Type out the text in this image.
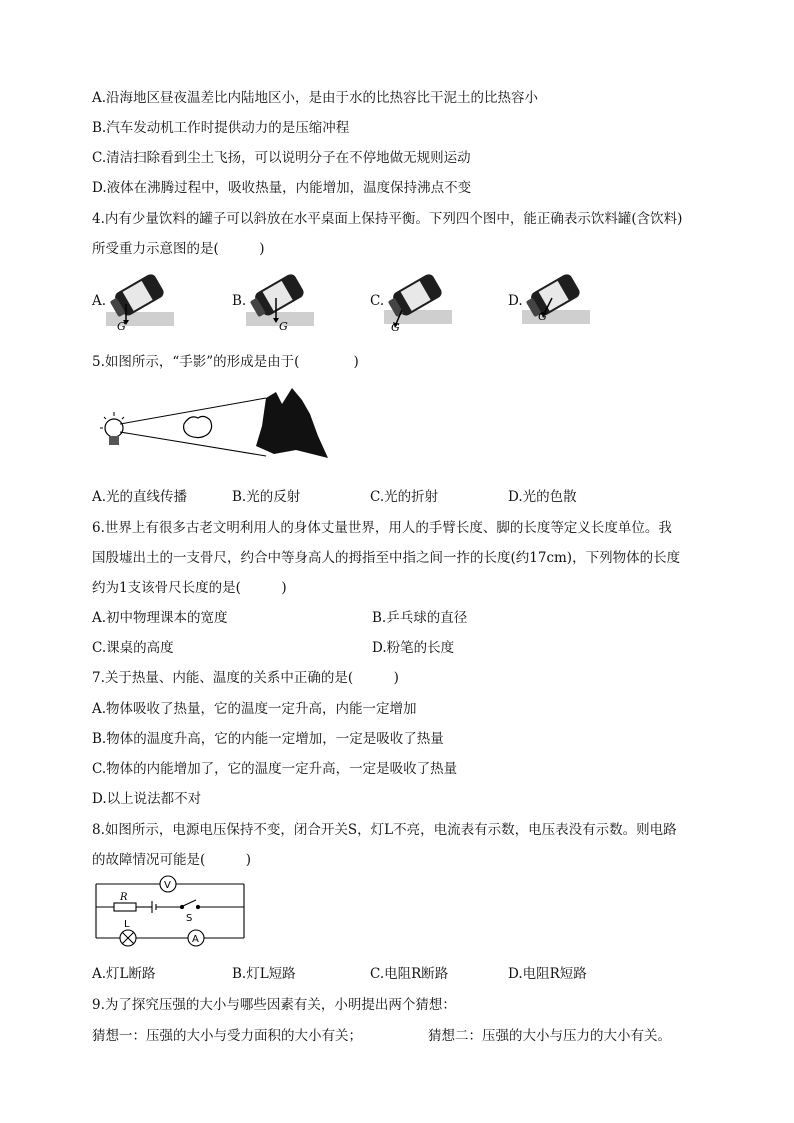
A.沿海地区昼夜温差比内陆地区小，是由于水的比热容比干泥土的比热容小
B.汽车发动机工作时提供动力的是压缩冲程
C.清洁扫除看到尘土飞扬，可以说明分子在不停地做无规则运动
D.液体在沸腾过程中，吸收热量，内能增加，温度保持沸点不变
4.内有少量饮料的罐子可以斜放在水平桌面上保持平衡。下列四个图中，能正确表示饮料罐(含饮料)
所受重力示意图的是(　　　)
A.	B.	C.	D.
G	G	G
G
5.如图所示，“手影”的形成是由于(　　　　)
A.光的直线传播	B.光的反射	C.光的折射	D.光的色散
6.世界上有很多古老文明利用人的身体丈量世界，用人的手臂长度、脚的长度等定义长度单位。我
国殷墟出土的一支骨尺，约合中等身高人的拇指至中指之间一拃的长度(约17cm)，下列物体的长度
约为1支该骨尺长度的是(　　　)
A.初中物理课本的宽度	B.乒乓球的直径
C.课桌的高度	D.粉笔的长度
7.关于热量、内能、温度的关系中正确的是(　　　)
A.物体吸收了热量，它的温度一定升高，内能一定增加
B.物体的温度升高，它的内能一定增加，一定是吸收了热量
C.物体的内能增加了，它的温度一定升高，一定是吸收了热量
D.以上说法都不对
8.如图所示，电源电压保持不变，闭合开关S，灯L不亮，电流表有示数，电压表没有示数。则电路
的故障情况可能是(　　　)
V
A
R
S
L
A.灯L断路	B.灯L短路	C.电阻R断路	D.电阻R短路
9.为了探究压强的大小与哪些因素有关，小明提出两个猜想：
猜想一：压强的大小与受力面积的大小有关；	猜想二：压强的大小与压力的大小有关。
